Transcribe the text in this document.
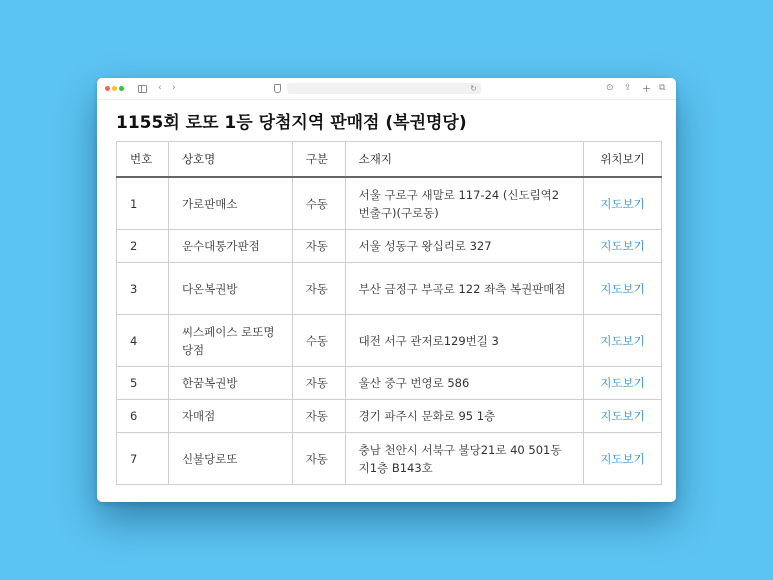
‹ ›	↻	⊙ ⇪ + ⧉
1155회 로또 1등 당첨지역 판매점 (복권명당)
번호	상호명	구분	소재지	위치보기
1	가로판매소	수동	서울 구로구 새말로 117-24 (신도림역2번출구)(구로동)	지도보기
2	운수대통가판점	자동	서울 성동구 왕십리로 327	지도보기
3	다온복권방	자동	부산 금정구 부곡로 122 좌측 복권판매점	지도보기
4	씨스페이스 로또명당점	수동	대전 서구 관저로129번길 3	지도보기
5	한꿈복권방	자동	울산 중구 번영로 586	지도보기
6	자매점	자동	경기 파주시 문화로 95 1층	지도보기
7	신불당로또	자동	충남 천안시 서북구 불당21로 40 501동 지1층 B143호	지도보기
